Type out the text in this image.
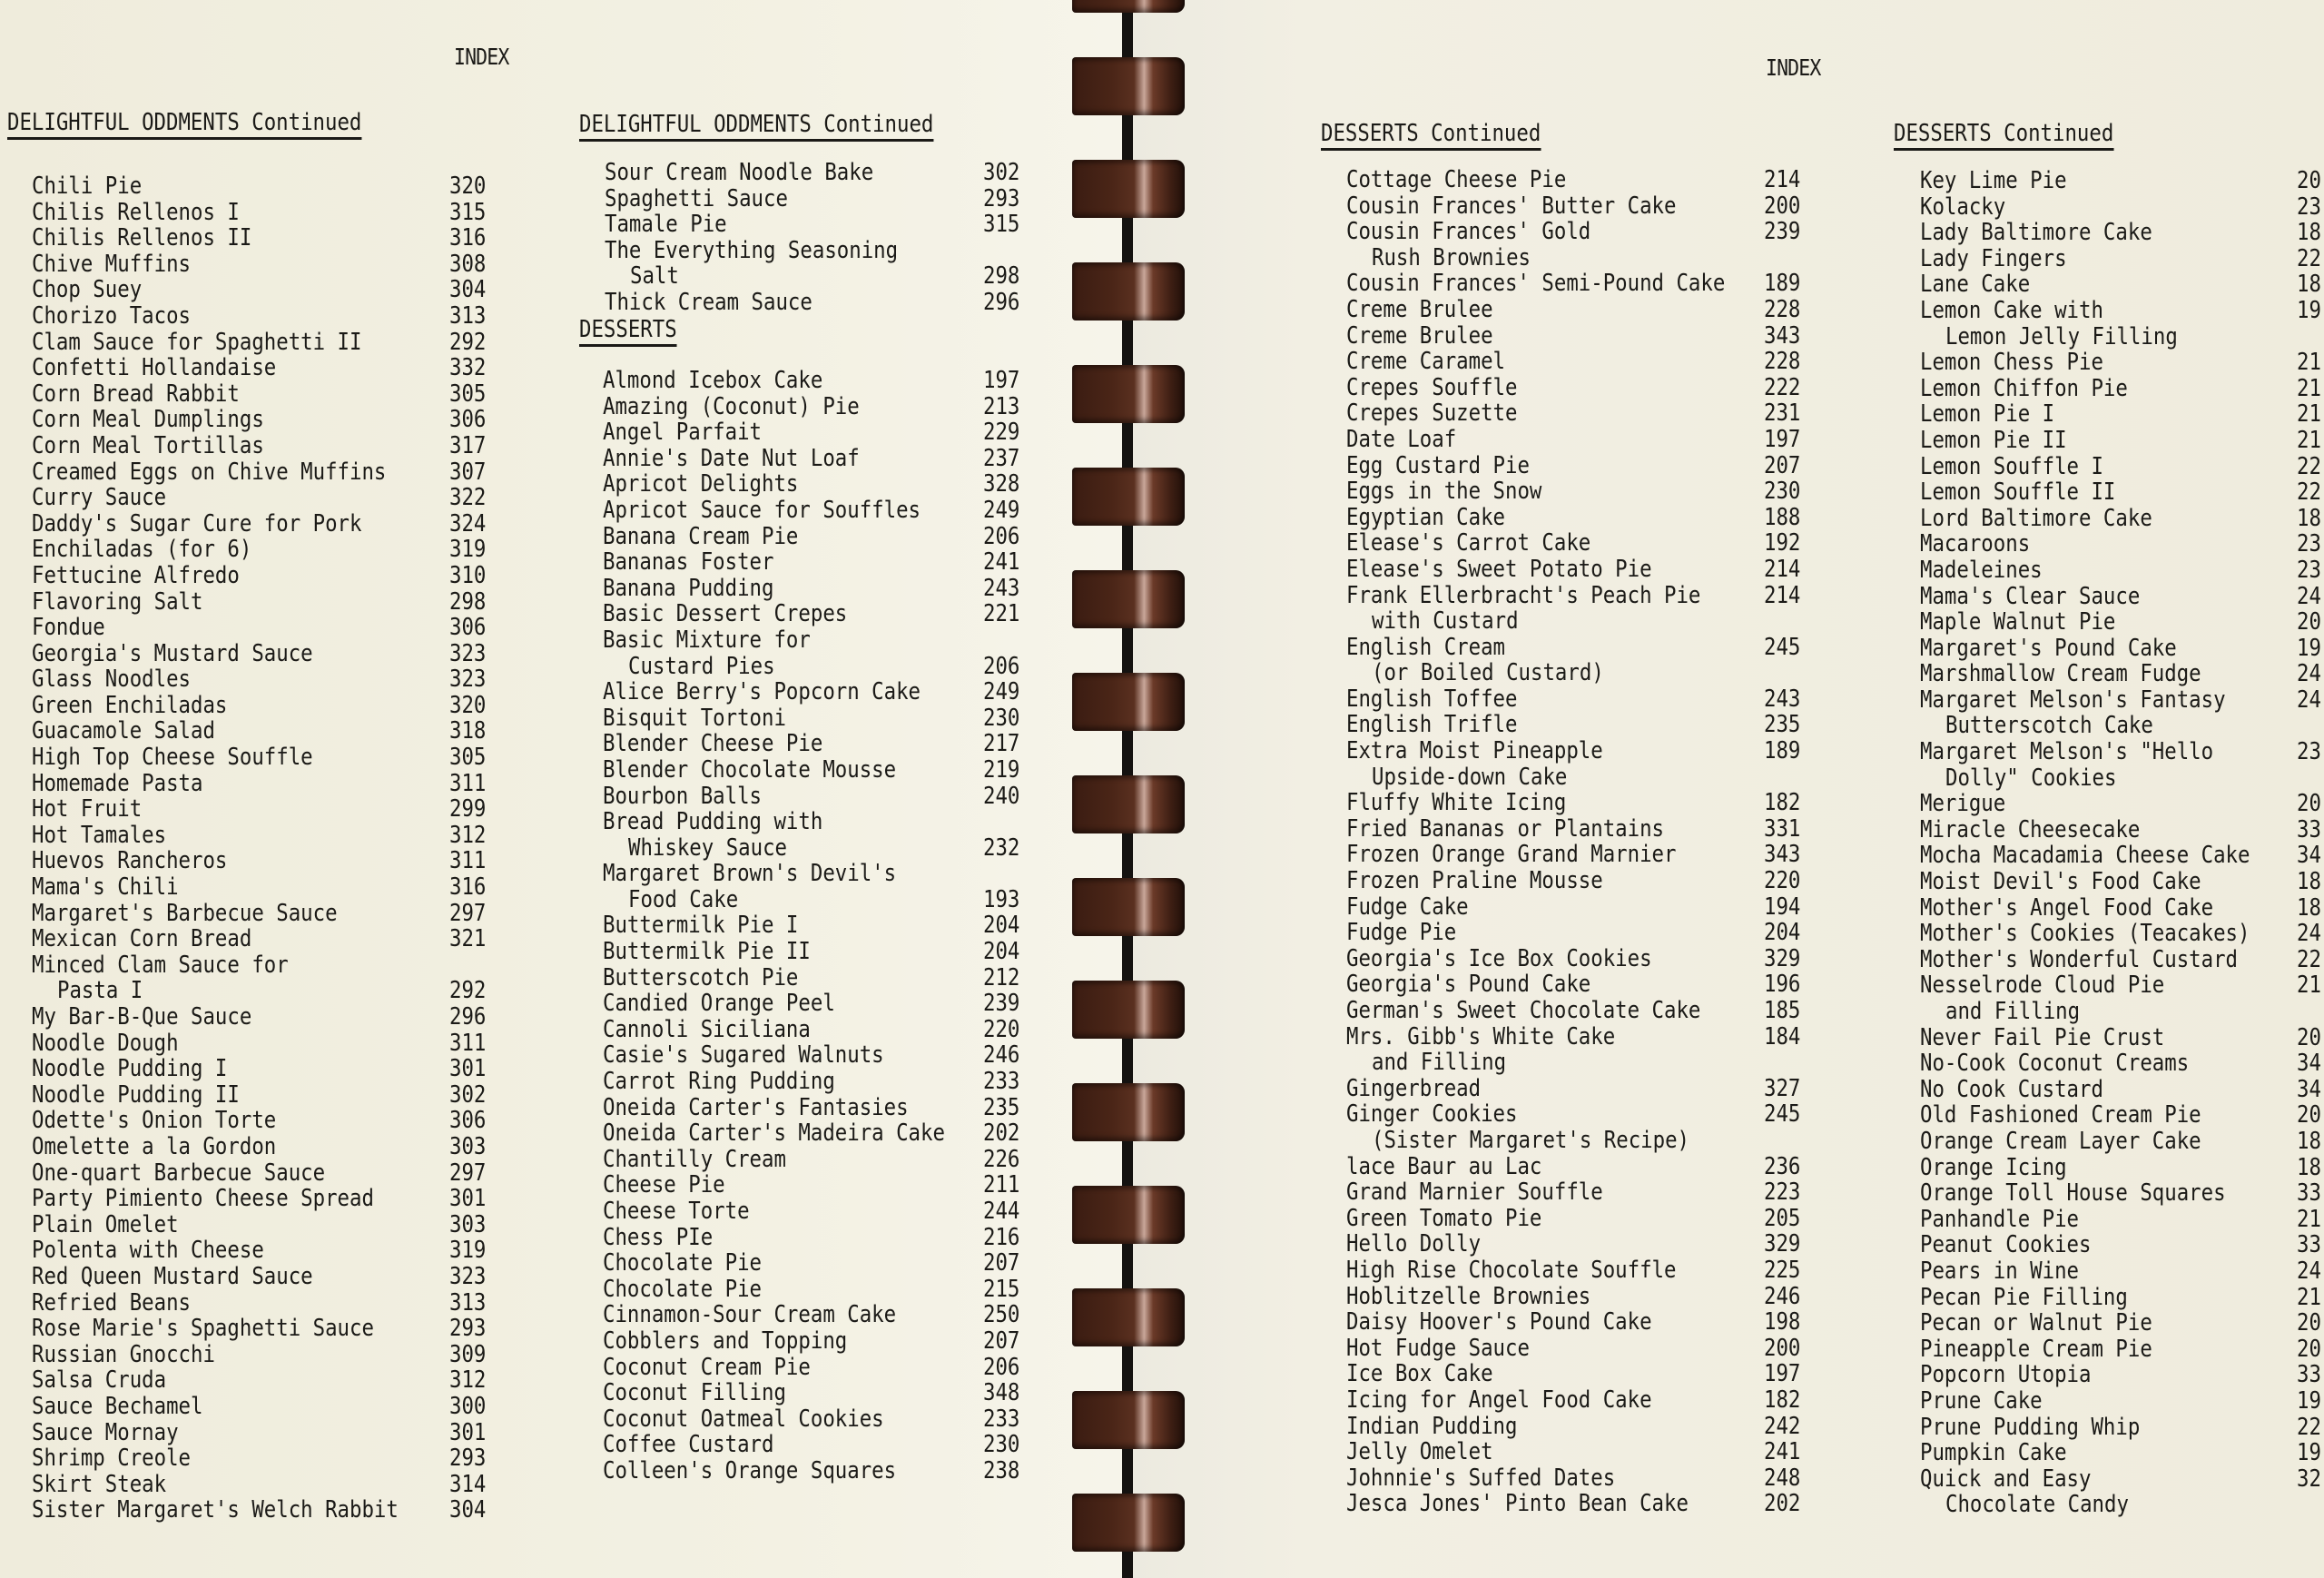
INDEX
DELIGHTFUL ODDMENTS Continued
Chili Pie	320
Chilis Rellenos I	315
Chilis Rellenos II	316
Chive Muffins	308
Chop Suey	304
Chorizo Tacos	313
Clam Sauce for Spaghetti II	292
Confetti Hollandaise	332
Corn Bread Rabbit	305
Corn Meal Dumplings	306
Corn Meal Tortillas	317
Creamed Eggs on Chive Muffins	307
Curry Sauce	322
Daddy's Sugar Cure for Pork	324
Enchiladas (for 6)	319
Fettucine Alfredo	310
Flavoring Salt	298
Fondue	306
Georgia's Mustard Sauce	323
Glass Noodles	323
Green Enchiladas	320
Guacamole Salad	318
High Top Cheese Souffle	305
Homemade Pasta	311
Hot Fruit	299
Hot Tamales	312
Huevos Rancheros	311
Mama's Chili	316
Margaret's Barbecue Sauce	297
Mexican Corn Bread	321
Minced Clam Sauce for
Pasta I	292
My Bar-B-Que Sauce	296
Noodle Dough	311
Noodle Pudding I	301
Noodle Pudding II	302
Odette's Onion Torte	306
Omelette a la Gordon	303
One-quart Barbecue Sauce	297
Party Pimiento Cheese Spread	301
Plain Omelet	303
Polenta with Cheese	319
Red Queen Mustard Sauce	323
Refried Beans	313
Rose Marie's Spaghetti Sauce	293
Russian Gnocchi	309
Salsa Cruda	312
Sauce Bechamel	300
Sauce Mornay	301
Shrimp Creole	293
Skirt Steak	314
Sister Margaret's Welch Rabbit 304
DELIGHTFUL ODDMENTS Continued
Sour Cream Noodle Bake	302
Spaghetti Sauce	293
Tamale Pie	315
The Everything Seasoning
Salt	298
Thick Cream Sauce	296
DESSERTS
Almond Icebox Cake	197
Amazing (Coconut) Pie	213
Angel Parfait	229
Annie's Date Nut Loaf	237
Apricot Delights	328
Apricot Sauce for Souffles	249
Banana Cream Pie	206
Bananas Foster	241
Banana Pudding	243
Basic Dessert Crepes	221
Basic Mixture for
Custard Pies	206
Alice Berry's Popcorn Cake	249
Bisquit Tortoni	230
Blender Cheese Pie	217
Blender Chocolate Mousse	219
Bourbon Balls	240
Bread Pudding with
Whiskey Sauce	232
Margaret Brown's Devil's
Food Cake	193
Buttermilk Pie I	204
Buttermilk Pie II	204
Butterscotch Pie	212
Candied Orange Peel	239
Cannoli Siciliana	220
Casie's Sugared Walnuts	246
Carrot Ring Pudding	233
Oneida Carter's Fantasies	235
Oneida Carter's Madeira Cake 202
Chantilly Cream	226
Cheese Pie	211
Cheese Torte	244
Chess PIe	216
Chocolate Pie	207
Chocolate Pie	215
Cinnamon-Sour Cream Cake	250
Cobblers and Topping	207
Coconut Cream Pie	206
Coconut Filling	348
Coconut Oatmeal Cookies	233
Coffee Custard	230
Colleen's Orange Squares	238
INDEX
DESSERTS Continued
Cottage Cheese Pie	214
Cousin Frances' Butter Cake	200
Cousin Frances' Gold	239
Rush Brownies
Cousin Frances' Semi-Pound Cake 189
Creme Brulee	228
Creme Brulee	343
Creme Caramel	228
Crepes Souffle	222
Crepes Suzette	231
Date Loaf	197
Egg Custard Pie	207
Eggs in the Snow	230
Egyptian Cake	188
Elease's Carrot Cake	192
Elease's Sweet Potato Pie	214
Frank Ellerbracht's Peach Pie	214
with Custard
English Cream	245
(or Boiled Custard)
English Toffee	243
English Trifle	235
Extra Moist Pineapple	189
Upside-down Cake
Fluffy White Icing	182
Fried Bananas or Plantains	331
Frozen Orange Grand Marnier	343
Frozen Praline Mousse	220
Fudge Cake	194
Fudge Pie	204
Georgia's Ice Box Cookies	329
Georgia's Pound Cake	196
German's Sweet Chocolate Cake	185
Mrs. Gibb's White Cake	184
and Filling
Gingerbread	327
Ginger Cookies	245
(Sister Margaret's Recipe)
lace Baur au Lac	236
Grand Marnier Souffle	223
Green Tomato Pie	205
Hello Dolly	329
High Rise Chocolate Souffle	225
Hoblitzelle Brownies	246
Daisy Hoover's Pound Cake	198
Hot Fudge Sauce	200
Ice Box Cake	197
Icing for Angel Food Cake	182
Indian Pudding	242
Jelly Omelet	241
Johnnie's Suffed Dates	248
Jesca Jones' Pinto Bean Cake	202
DESSERTS Continued
Key Lime Pie	20
Kolacky	23
Lady Baltimore Cake	18
Lady Fingers	22
Lane Cake	18
Lemon Cake with	19
Lemon Jelly Filling
Lemon Chess Pie	21
Lemon Chiffon Pie	21
Lemon Pie I	21
Lemon Pie II	21
Lemon Souffle I	22
Lemon Souffle II	22
Lord Baltimore Cake	18
Macaroons	23
Madeleines	23
Mama's Clear Sauce	24
Maple Walnut Pie	20
Margaret's Pound Cake	19
Marshmallow Cream Fudge	24
Margaret Melson's Fantasy	24
Butterscotch Cake
Margaret Melson's "Hello	23
Dolly" Cookies
Merigue	20
Miracle Cheesecake	33
Mocha Macadamia Cheese Cake 34
Moist Devil's Food Cake	18
Mother's Angel Food Cake	18
Mother's Cookies (Teacakes) 24
Mother's Wonderful Custard 22
Nesselrode Cloud Pie	21
and Filling
Never Fail Pie Crust	20
No-Cook Coconut Creams	34
No Cook Custard	34
Old Fashioned Cream Pie	20
Orange Cream Layer Cake	18
Orange Icing	18
Orange Toll House Squares	33
Panhandle Pie	21
Peanut Cookies	33
Pears in Wine	24
Pecan Pie Filling	21
Pecan or Walnut Pie	20
Pineapple Cream Pie	20
Popcorn Utopia	33
Prune Cake	19
Prune Pudding Whip	22
Pumpkin Cake	19
Quick and Easy	32
Chocolate Candy
